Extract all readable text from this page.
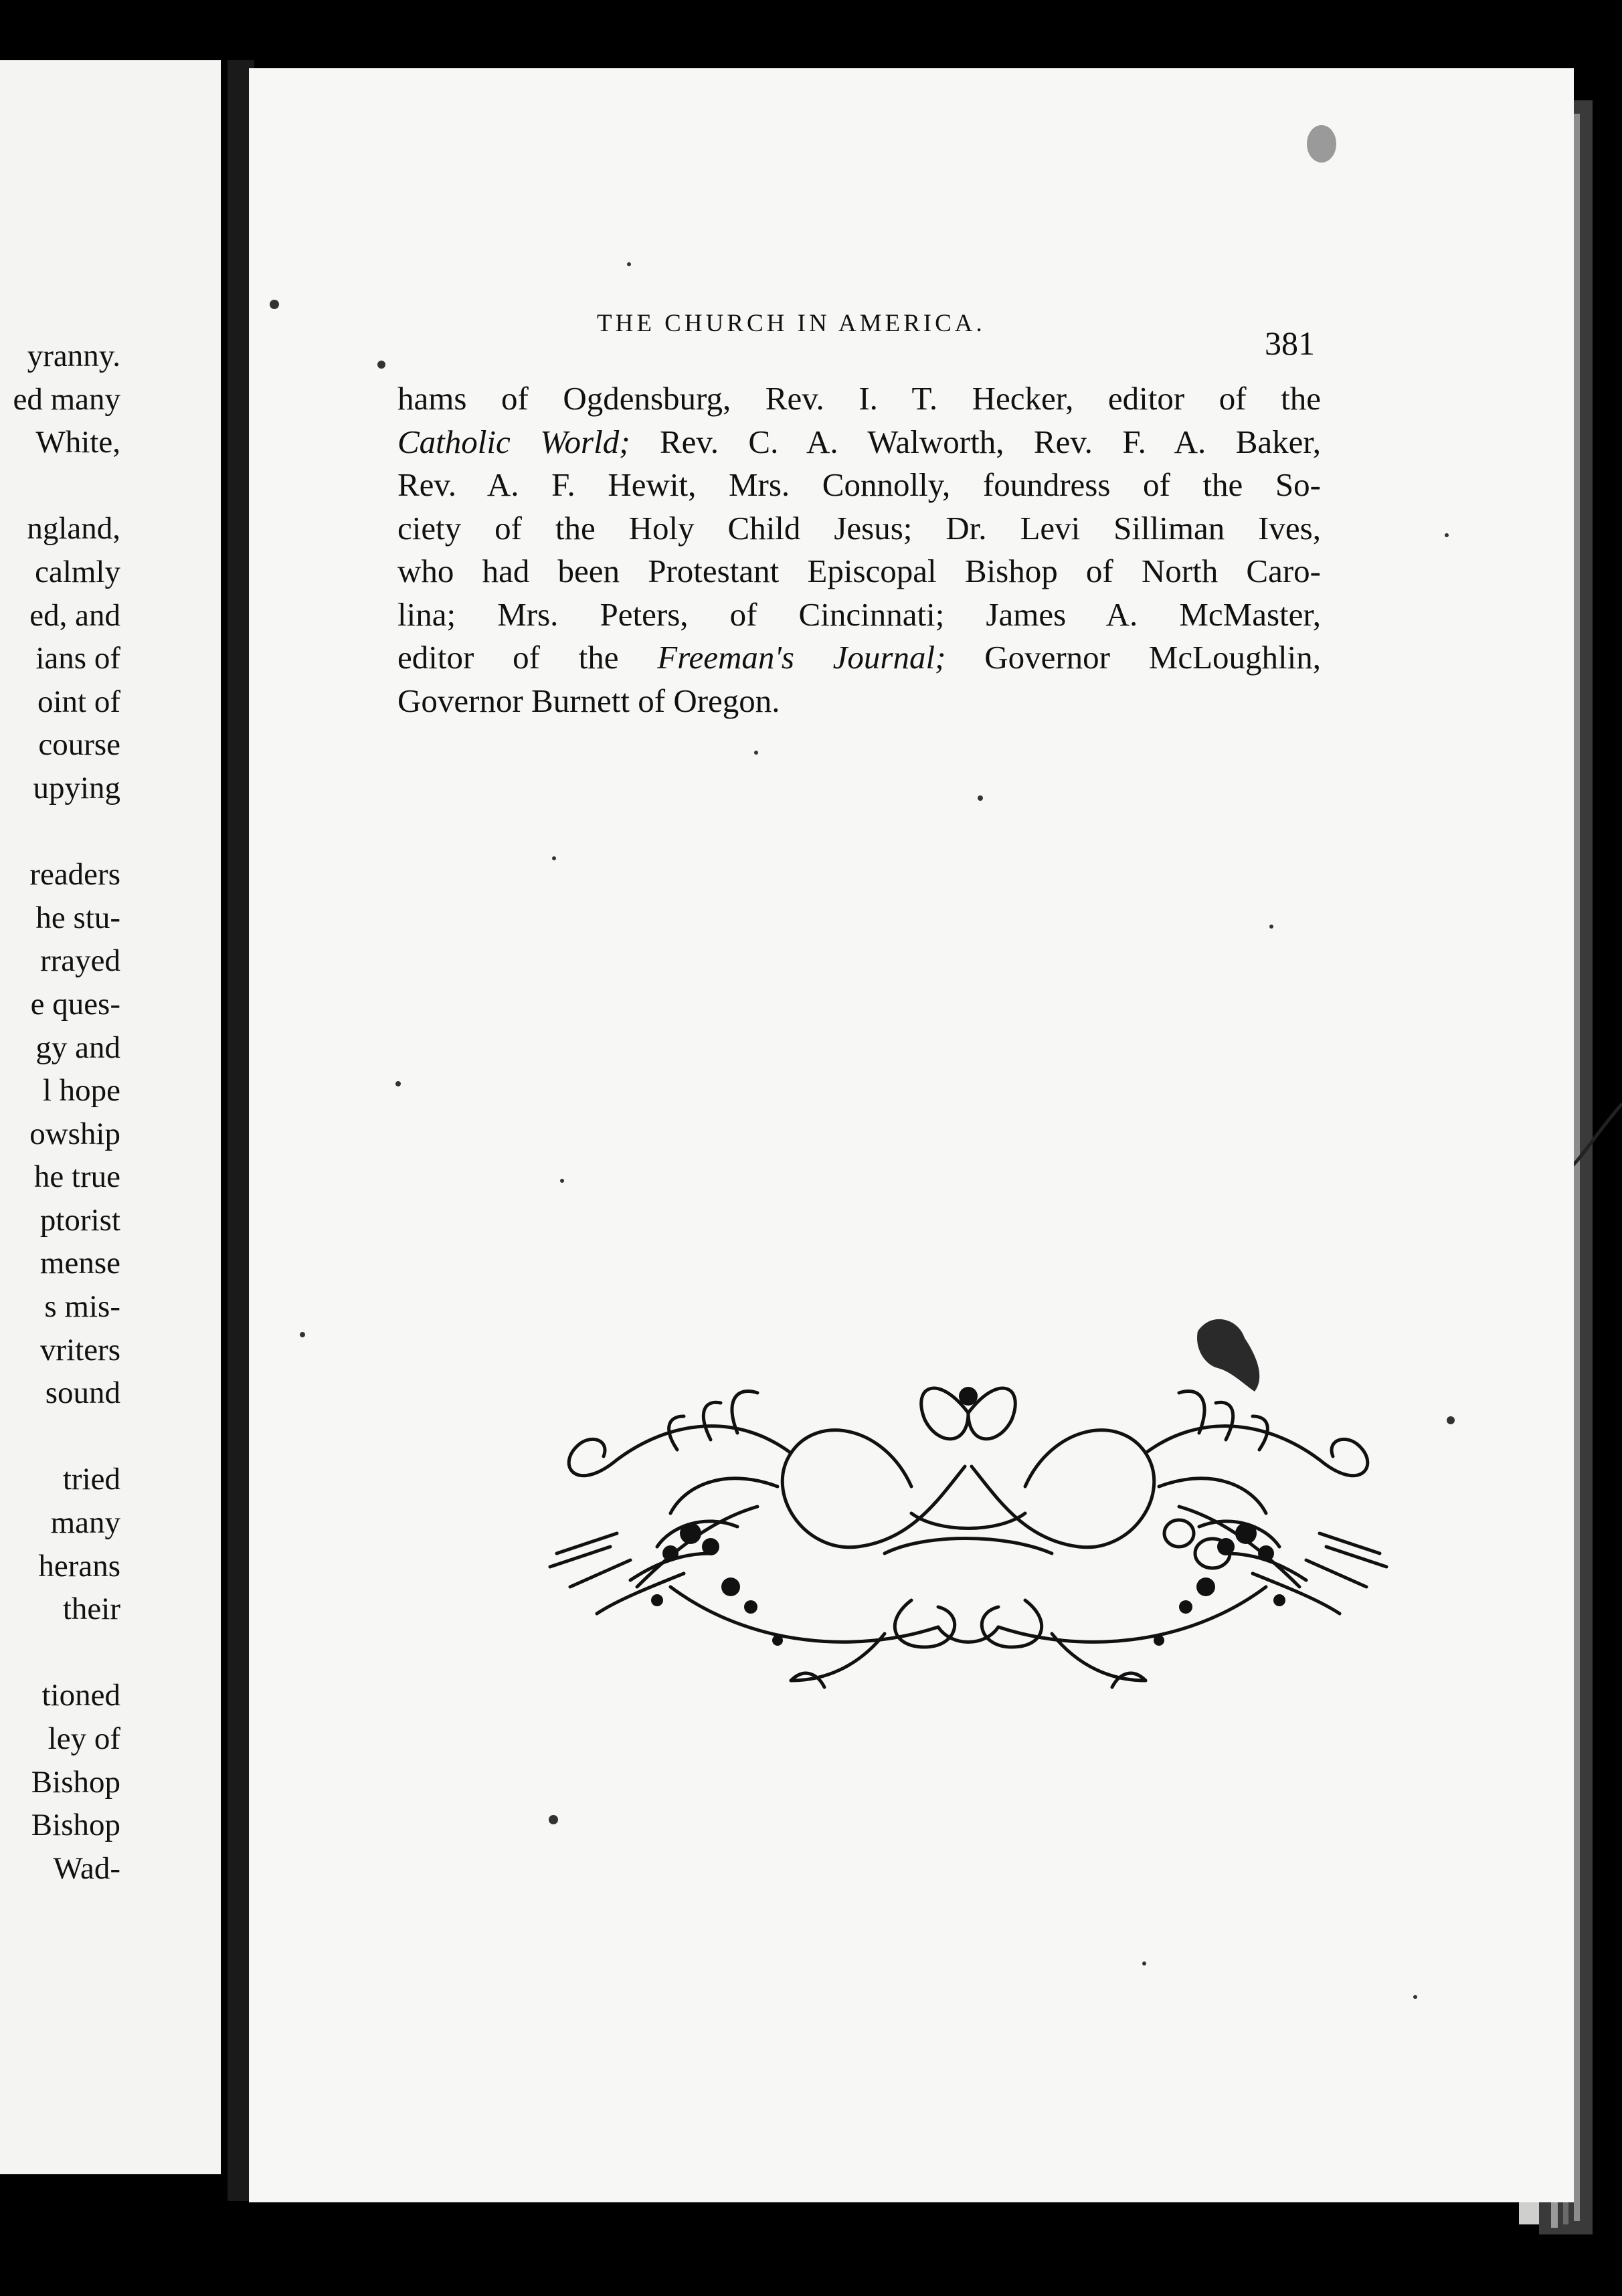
yranny.
ed many
White,
ngland,
calmly
ed, and
ians of
oint of
course
upying
readers
he stu-
rrayed
e ques-
gy and
l hope
owship
he true
ptorist
mense
s mis-
vriters
sound
tried
many
herans
their
tioned
ley of
Bishop
Bishop
Wad-
THE CHURCH IN AMERICA.
381
hams of Ogdensburg, Rev. I. T. Hecker, editor of the
Catholic World; Rev. C. A. Walworth, Rev. F. A. Baker,
Rev. A. F. Hewit, Mrs. Connolly, foundress of the So-
ciety of the Holy Child Jesus; Dr. Levi Silliman Ives,
who had been Protestant Episcopal Bishop of North Caro-
lina; Mrs. Peters, of Cincinnati; James A. McMaster,
editor of the Freeman's Journal; Governor McLoughlin,
Governor Burnett of Oregon.
